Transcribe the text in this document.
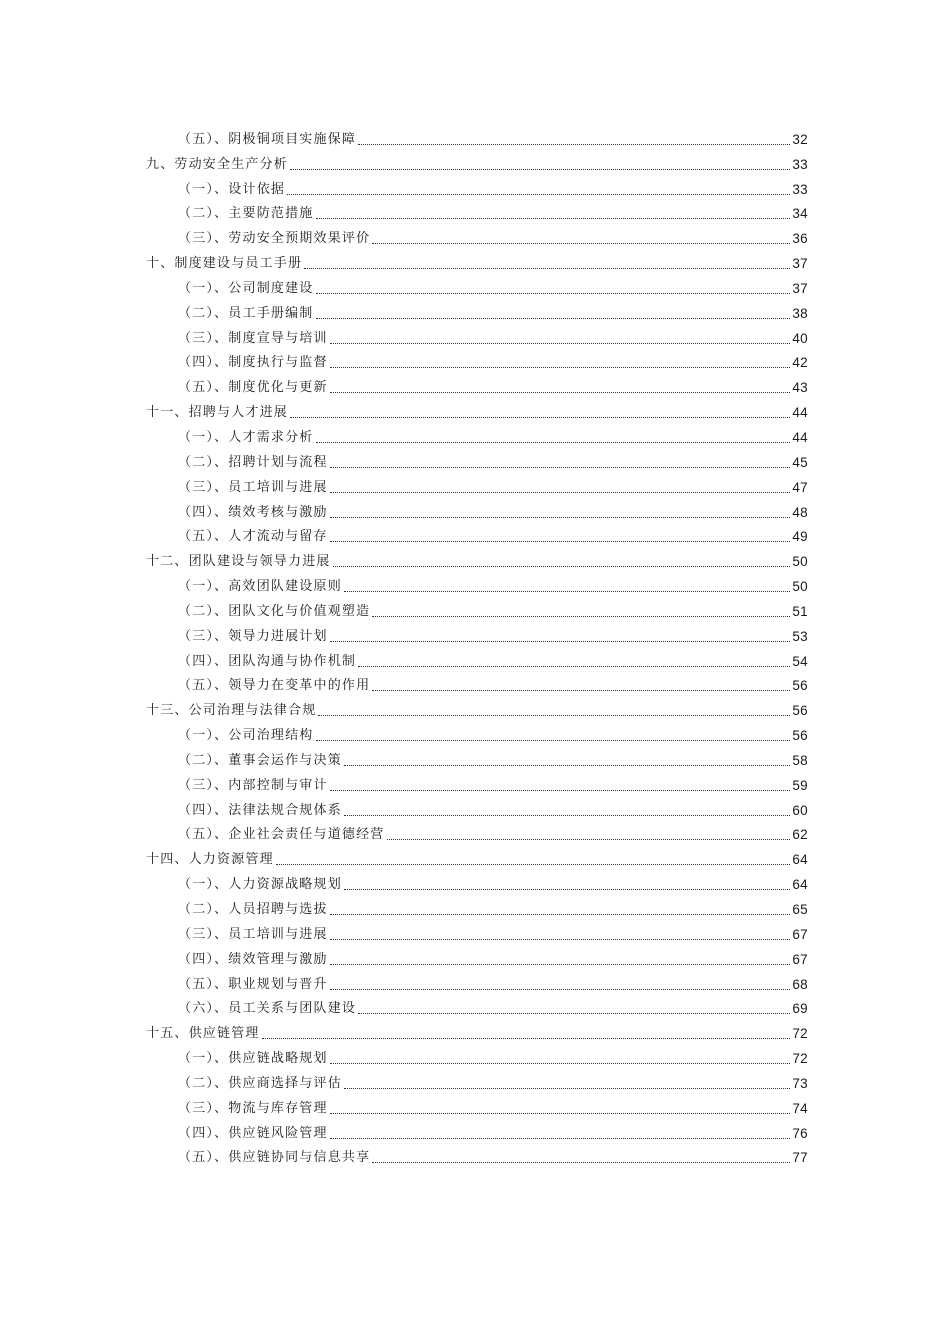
（五）、阴极铜项目实施保障	32
九、劳动安全生产分析	33
（一）、设计依据	33
（二）、主要防范措施	34
（三）、劳动安全预期效果评价	36
十、制度建设与员工手册	37
（一）、公司制度建设	37
（二）、员工手册编制	38
（三）、制度宣导与培训	40
（四）、制度执行与监督	42
（五）、制度优化与更新	43
十一、招聘与人才进展	44
（一）、人才需求分析	44
（二）、招聘计划与流程	45
（三）、员工培训与进展	47
（四）、绩效考核与激励	48
（五）、人才流动与留存	49
十二、团队建设与领导力进展	50
（一）、高效团队建设原则	50
（二）、团队文化与价值观塑造	51
（三）、领导力进展计划	53
（四）、团队沟通与协作机制	54
（五）、领导力在变革中的作用	56
十三、公司治理与法律合规	56
（一）、公司治理结构	56
（二）、董事会运作与决策	58
（三）、内部控制与审计	59
（四）、法律法规合规体系	60
（五）、企业社会责任与道德经营	62
十四、人力资源管理	64
（一）、人力资源战略规划	64
（二）、人员招聘与选拔	65
（三）、员工培训与进展	67
（四）、绩效管理与激励	67
（五）、职业规划与晋升	68
（六）、员工关系与团队建设	69
十五、供应链管理	72
（一）、供应链战略规划	72
（二）、供应商选择与评估	73
（三）、物流与库存管理	74
（四）、供应链风险管理	76
（五）、供应链协同与信息共享	77
